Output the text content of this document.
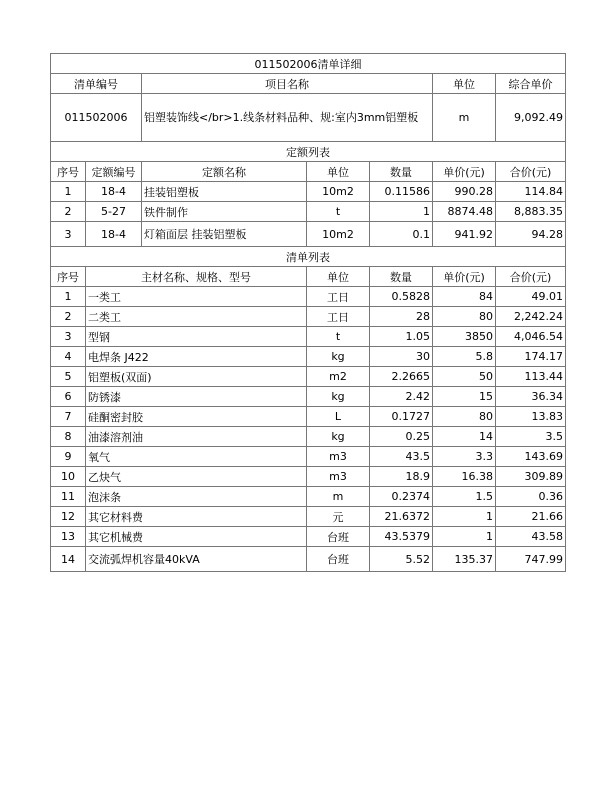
011502006清单详细						
清单编号		项目名称			单位	综合单价
011502006		铝塑装饰线</br>1.线条材料品种、规:室内3mm铝塑板			m	9,092.49
定额列表						
序号	定额编号	定额名称	单位	数量	单价(元)	合价(元)
1	18-4	挂装铝塑板	10m2	0.11586	990.28	114.84
2	5-27	铁件制作	t	1	8874.48	8,883.35
3	18-4	灯箱面层 挂装铝塑板	10m2	0.1	941.92	94.28
清单列表						
序号	主材名称、规格、型号		单位	数量	单价(元)	合价(元)
1	一类工		工日	0.5828	84	49.01
2	二类工		工日	28	80	2,242.24
3	型钢		t	1.05	3850	4,046.54
4	电焊条 J422		kg	30	5.8	174.17
5	铝塑板(双面)		m2	2.2665	50	113.44
6	防锈漆		kg	2.42	15	36.34
7	硅酮密封胶		L	0.1727	80	13.83
8	油漆溶剂油		kg	0.25	14	3.5
9	氧气		m3	43.5	3.3	143.69
10	乙炔气		m3	18.9	16.38	309.89
11	泡沫条		m	0.2374	1.5	0.36
12	其它材料费		元	21.6372	1	21.66
13	其它机械费		台班	43.5379	1	43.58
14	交流弧焊机容量40kVA		台班	5.52	135.37	747.99
